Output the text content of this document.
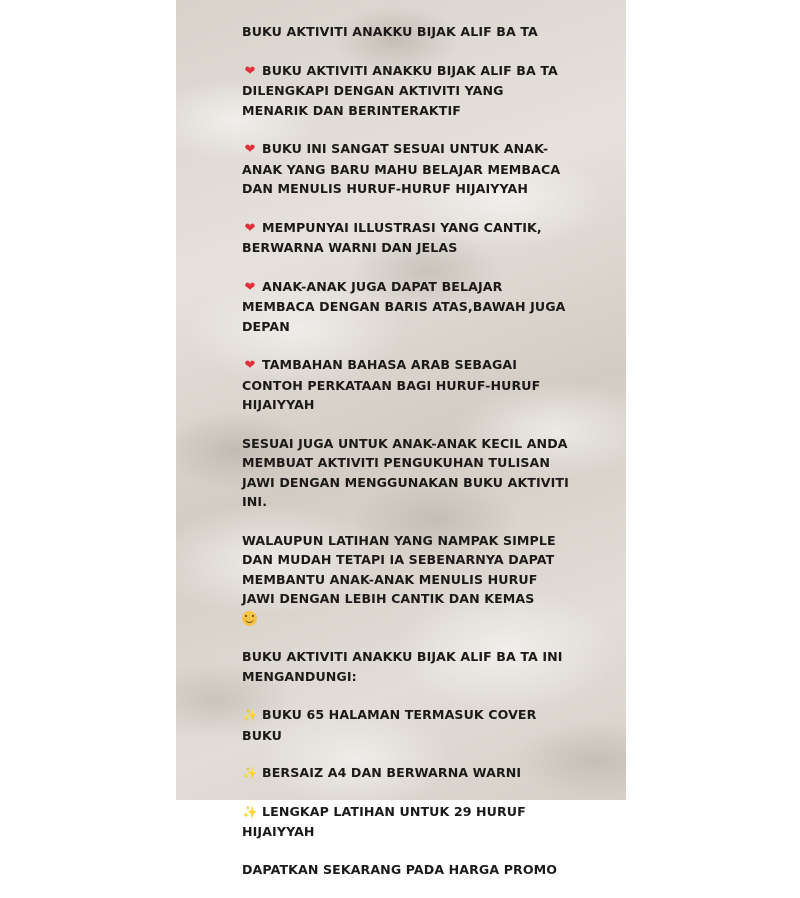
BUKU AKTIVITI ANAKKU BIJAK ALIF BA TA

❤ BUKU AKTIVITI ANAKKU BIJAK ALIF BA TA DILENGKAPI DENGAN AKTIVITI YANG MENARIK DAN BERINTERAKTIF

❤ BUKU INI SANGAT SESUAI UNTUK ANAK-ANAK YANG BARU MAHU BELAJAR MEMBACA DAN MENULIS HURUF-HURUF HIJAIYYAH

❤ MEMPUNYAI ILLUSTRASI YANG CANTIK, BERWARNA WARNI DAN JELAS

❤ ANAK-ANAK JUGA DAPAT BELAJAR MEMBACA DENGAN BARIS ATAS,BAWAH JUGA DEPAN

❤ TAMBAHAN BAHASA ARAB SEBAGAI CONTOH PERKATAAN BAGI HURUF-HURUF HIJAIYYAH

SESUAI JUGA UNTUK ANAK-ANAK KECIL ANDA MEMBUAT AKTIVITI PENGUKUHAN TULISAN JAWI DENGAN MENGGUNAKAN BUKU AKTIVITI INI.

WALAUPUN LATIHAN YANG NAMPAK SIMPLE DAN MUDAH TETAPI IA SEBENARNYA DAPAT MEMBANTU ANAK-ANAK MENULIS HURUF JAWI DENGAN LEBIH CANTIK DAN KEMAS

BUKU AKTIVITI ANAKKU BIJAK ALIF BA TA INI MENGANDUNGI:

✨ BUKU 65 HALAMAN TERMASUK COVER BUKU

✨ BERSAIZ A4 DAN BERWARNA WARNI

✨ LENGKAP LATIHAN UNTUK 29 HURUF HIJAIYYAH

DAPATKAN SEKARANG PADA HARGA PROMO
